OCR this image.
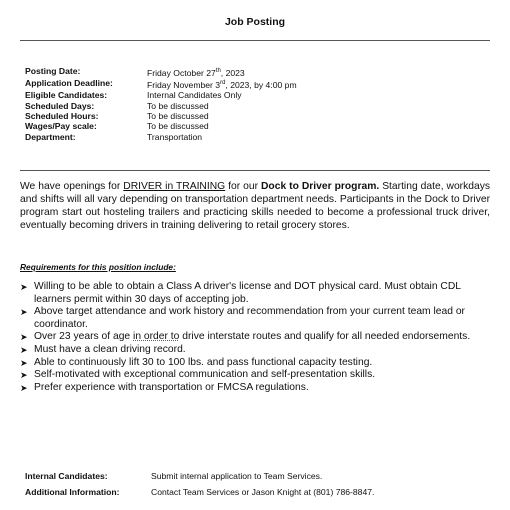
Job Posting
Posting Date:	Friday October 27th, 2023
Application Deadline:	Friday November 3rd, 2023, by 4:00 pm
Eligible Candidates:	Internal Candidates Only
Scheduled Days:	To be discussed
Scheduled Hours:	To be discussed
Wages/Pay scale:	To be discussed
Department:	Transportation
We have openings for DRIVER in TRAINING for our Dock to Driver program. Starting date, workdays and shifts will all vary depending on transportation department needs. Participants in the Dock to Driver program start out hosteling trailers and practicing skills needed to become a professional truck driver, eventually becoming drivers in training delivering to retail grocery stores.
Requirements for this position include:
➤ Willing to be able to obtain a Class A driver's license and DOT physical card. Must obtain CDL learners permit within 30 days of accepting job.
➤ Above target attendance and work history and recommendation from your current team lead or coordinator.
➤ Over 23 years of age in order to drive interstate routes and qualify for all needed endorsements.
➤ Must have a clean driving record.
➤ Able to continuously lift 30 to 100 lbs. and pass functional capacity testing.
➤ Self-motivated with exceptional communication and self-presentation skills.
➤ Prefer experience with transportation or FMCSA regulations.
Internal Candidates:	Submit internal application to Team Services.
Additional Information:	Contact Team Services or Jason Knight at (801) 786-8847.
